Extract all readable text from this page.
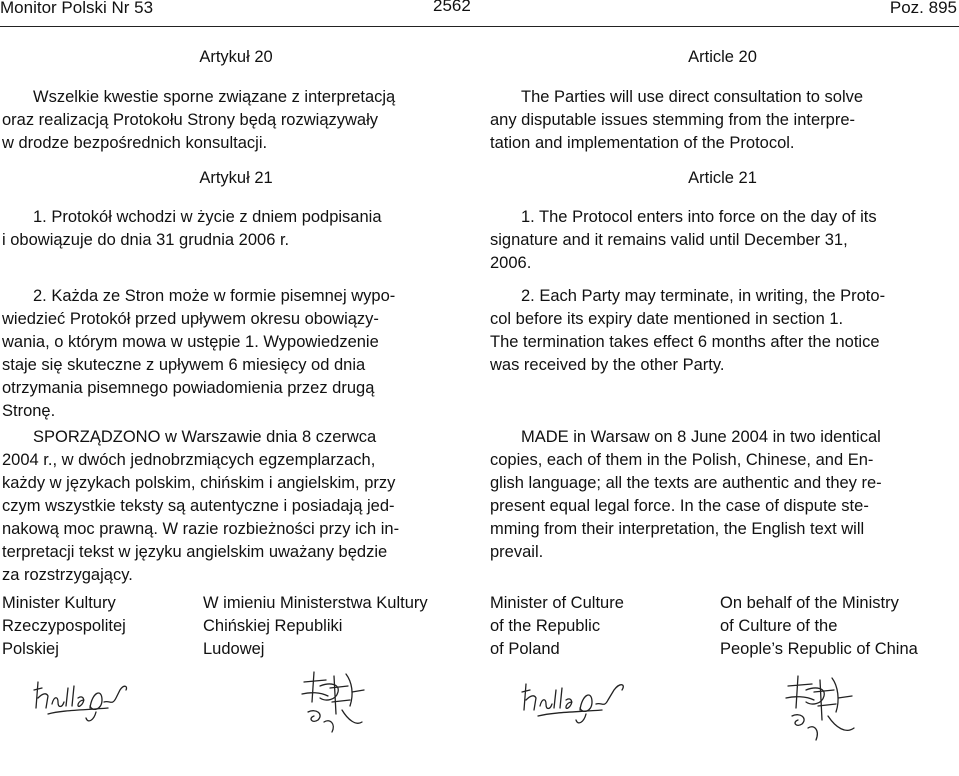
Monitor Polski Nr 53	2562	Poz. 895

Artykuł 20

Wszelkie kwestie sporne związane z interpretacją

oraz realizacją Protokołu Strony będą rozwiązywały

w drodze bezpośrednich konsultacji.

Artykuł 21

1. Protokół wchodzi w życie z dniem podpisania

i obowiązuje do dnia 31 grudnia 2006 r.

2. Każda ze Stron może w formie pisemnej wypo-

wiedzieć Protokół przed upływem okresu obowiązy-

wania, o którym mowa w ustępie 1. Wypowiedzenie

staje się skuteczne z upływem 6 miesięcy od dnia

otrzymania pisemnego powiadomienia przez drugą

Stronę.

SPORZĄDZONO w Warszawie dnia 8 czerwca

2004 r., w dwóch jednobrzmiących egzemplarzach,

każdy w językach polskim, chińskim i angielskim, przy

czym wszystkie teksty są autentyczne i posiadają jed-

nakową moc prawną. W razie rozbieżności przy ich in-

terpretacji tekst w języku angielskim uważany będzie

za rozstrzygający.

Minister Kultury
Rzeczypospolitej
Polskiej
W imieniu Ministerstwa Kultury
Chińskiej Republiki
Ludowej

Article 20

The Parties will use direct consultation to solve

any disputable issues stemming from the interpre-

tation and implementation of the Protocol.

Article 21

1. The Protocol enters into force on the day of its

signature and it remains valid until December 31,

2006.

2. Each Party may terminate, in writing, the Proto-

col before its expiry date mentioned in section 1.

The termination takes effect 6 months after the notice

was received by the other Party.

MADE in Warsaw on 8 June 2004 in two identical

copies, each of them in the Polish, Chinese, and En-

glish language; all the texts are authentic and they re-

present equal legal force. In the case of dispute ste-

mming from their interpretation, the English text will

prevail.

Minister of Culture
of the Republic
of Poland
On behalf of the Ministry
of Culture of the
People’s Republic of China
